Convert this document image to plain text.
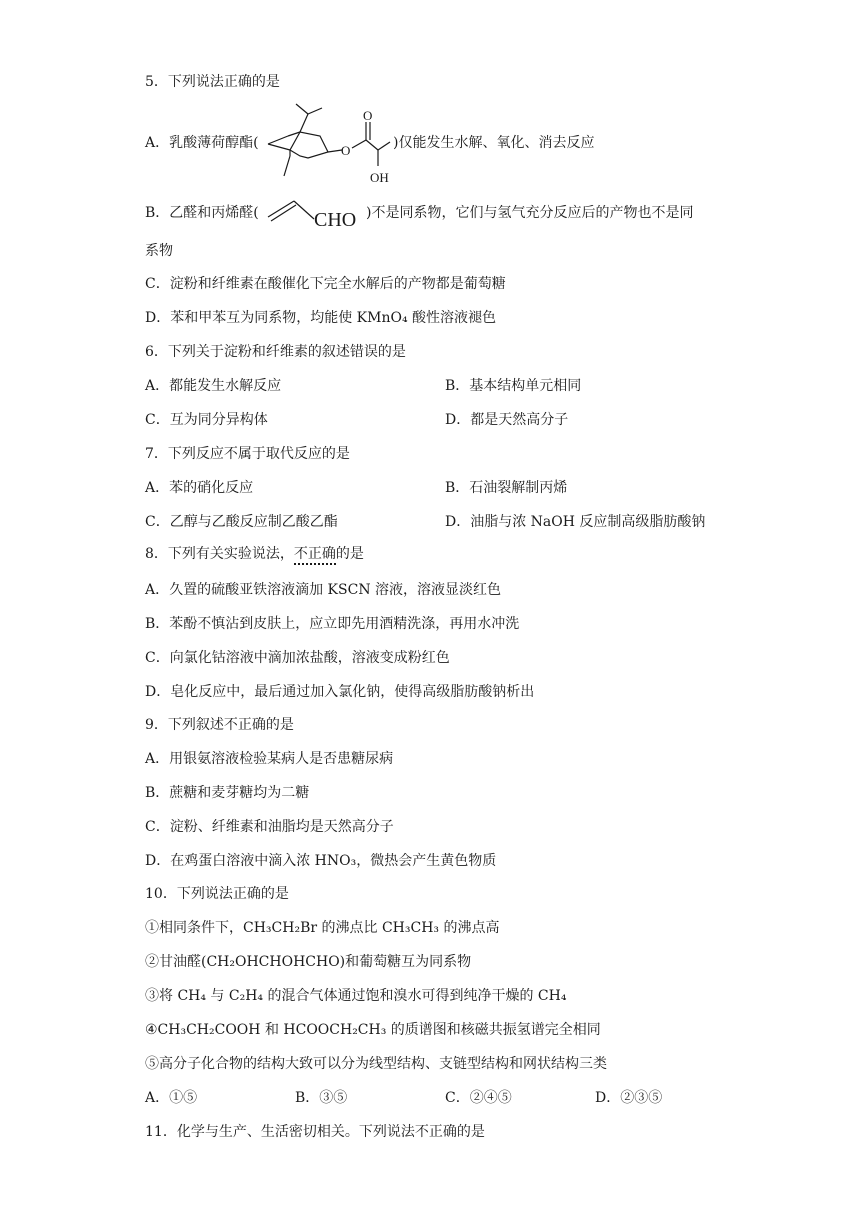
5．下列说法正确的是
A．乳酸薄荷醇酯(	O
O
OH
)仅能发生水解、氧化、消去反应
B．乙醛和丙烯醛(	CHO )不是同系物，它们与氢气充分反应后的产物也不是同
系物
C．淀粉和纤维素在酸催化下完全水解后的产物都是葡萄糖
D．苯和甲苯互为同系物，均能使 KMnO₄ 酸性溶液褪色
6．下列关于淀粉和纤维素的叙述错误的是
A．都能发生水解反应	B．基本结构单元相同
C．互为同分异构体	D．都是天然高分子
7．下列反应不属于取代反应的是
A．苯的硝化反应	B．石油裂解制丙烯
C．乙醇与乙酸反应制乙酸乙酯	D．油脂与浓 NaOH 反应制高级脂肪酸钠
8．下列有关实验说法，不正确的是
A．久置的硫酸亚铁溶液滴加 KSCN 溶液，溶液显淡红色
B．苯酚不慎沾到皮肤上，应立即先用酒精洗涤，再用水冲洗
C．向氯化钴溶液中滴加浓盐酸，溶液变成粉红色
D．皂化反应中，最后通过加入氯化钠，使得高级脂肪酸钠析出
9．下列叙述不正确的是
A．用银氨溶液检验某病人是否患糖尿病
B．蔗糖和麦芽糖均为二糖
C．淀粉、纤维素和油脂均是天然高分子
D．在鸡蛋白溶液中滴入浓 HNO₃，微热会产生黄色物质
10．下列说法正确的是
①相同条件下，CH₃CH₂Br 的沸点比 CH₃CH₃ 的沸点高
②甘油醛(CH₂OHCHOHCHO)和葡萄糖互为同系物
③将 CH₄ 与 C₂H₄ 的混合气体通过饱和溴水可得到纯净干燥的 CH₄
④CH₃CH₂COOH 和 HCOOCH₂CH₃ 的质谱图和核磁共振氢谱完全相同
⑤高分子化合物的结构大致可以分为线型结构、支链型结构和网状结构三类
A．①⑤	B．③⑤	C．②④⑤	D．②③⑤
11．化学与生产、生活密切相关。下列说法不正确的是
